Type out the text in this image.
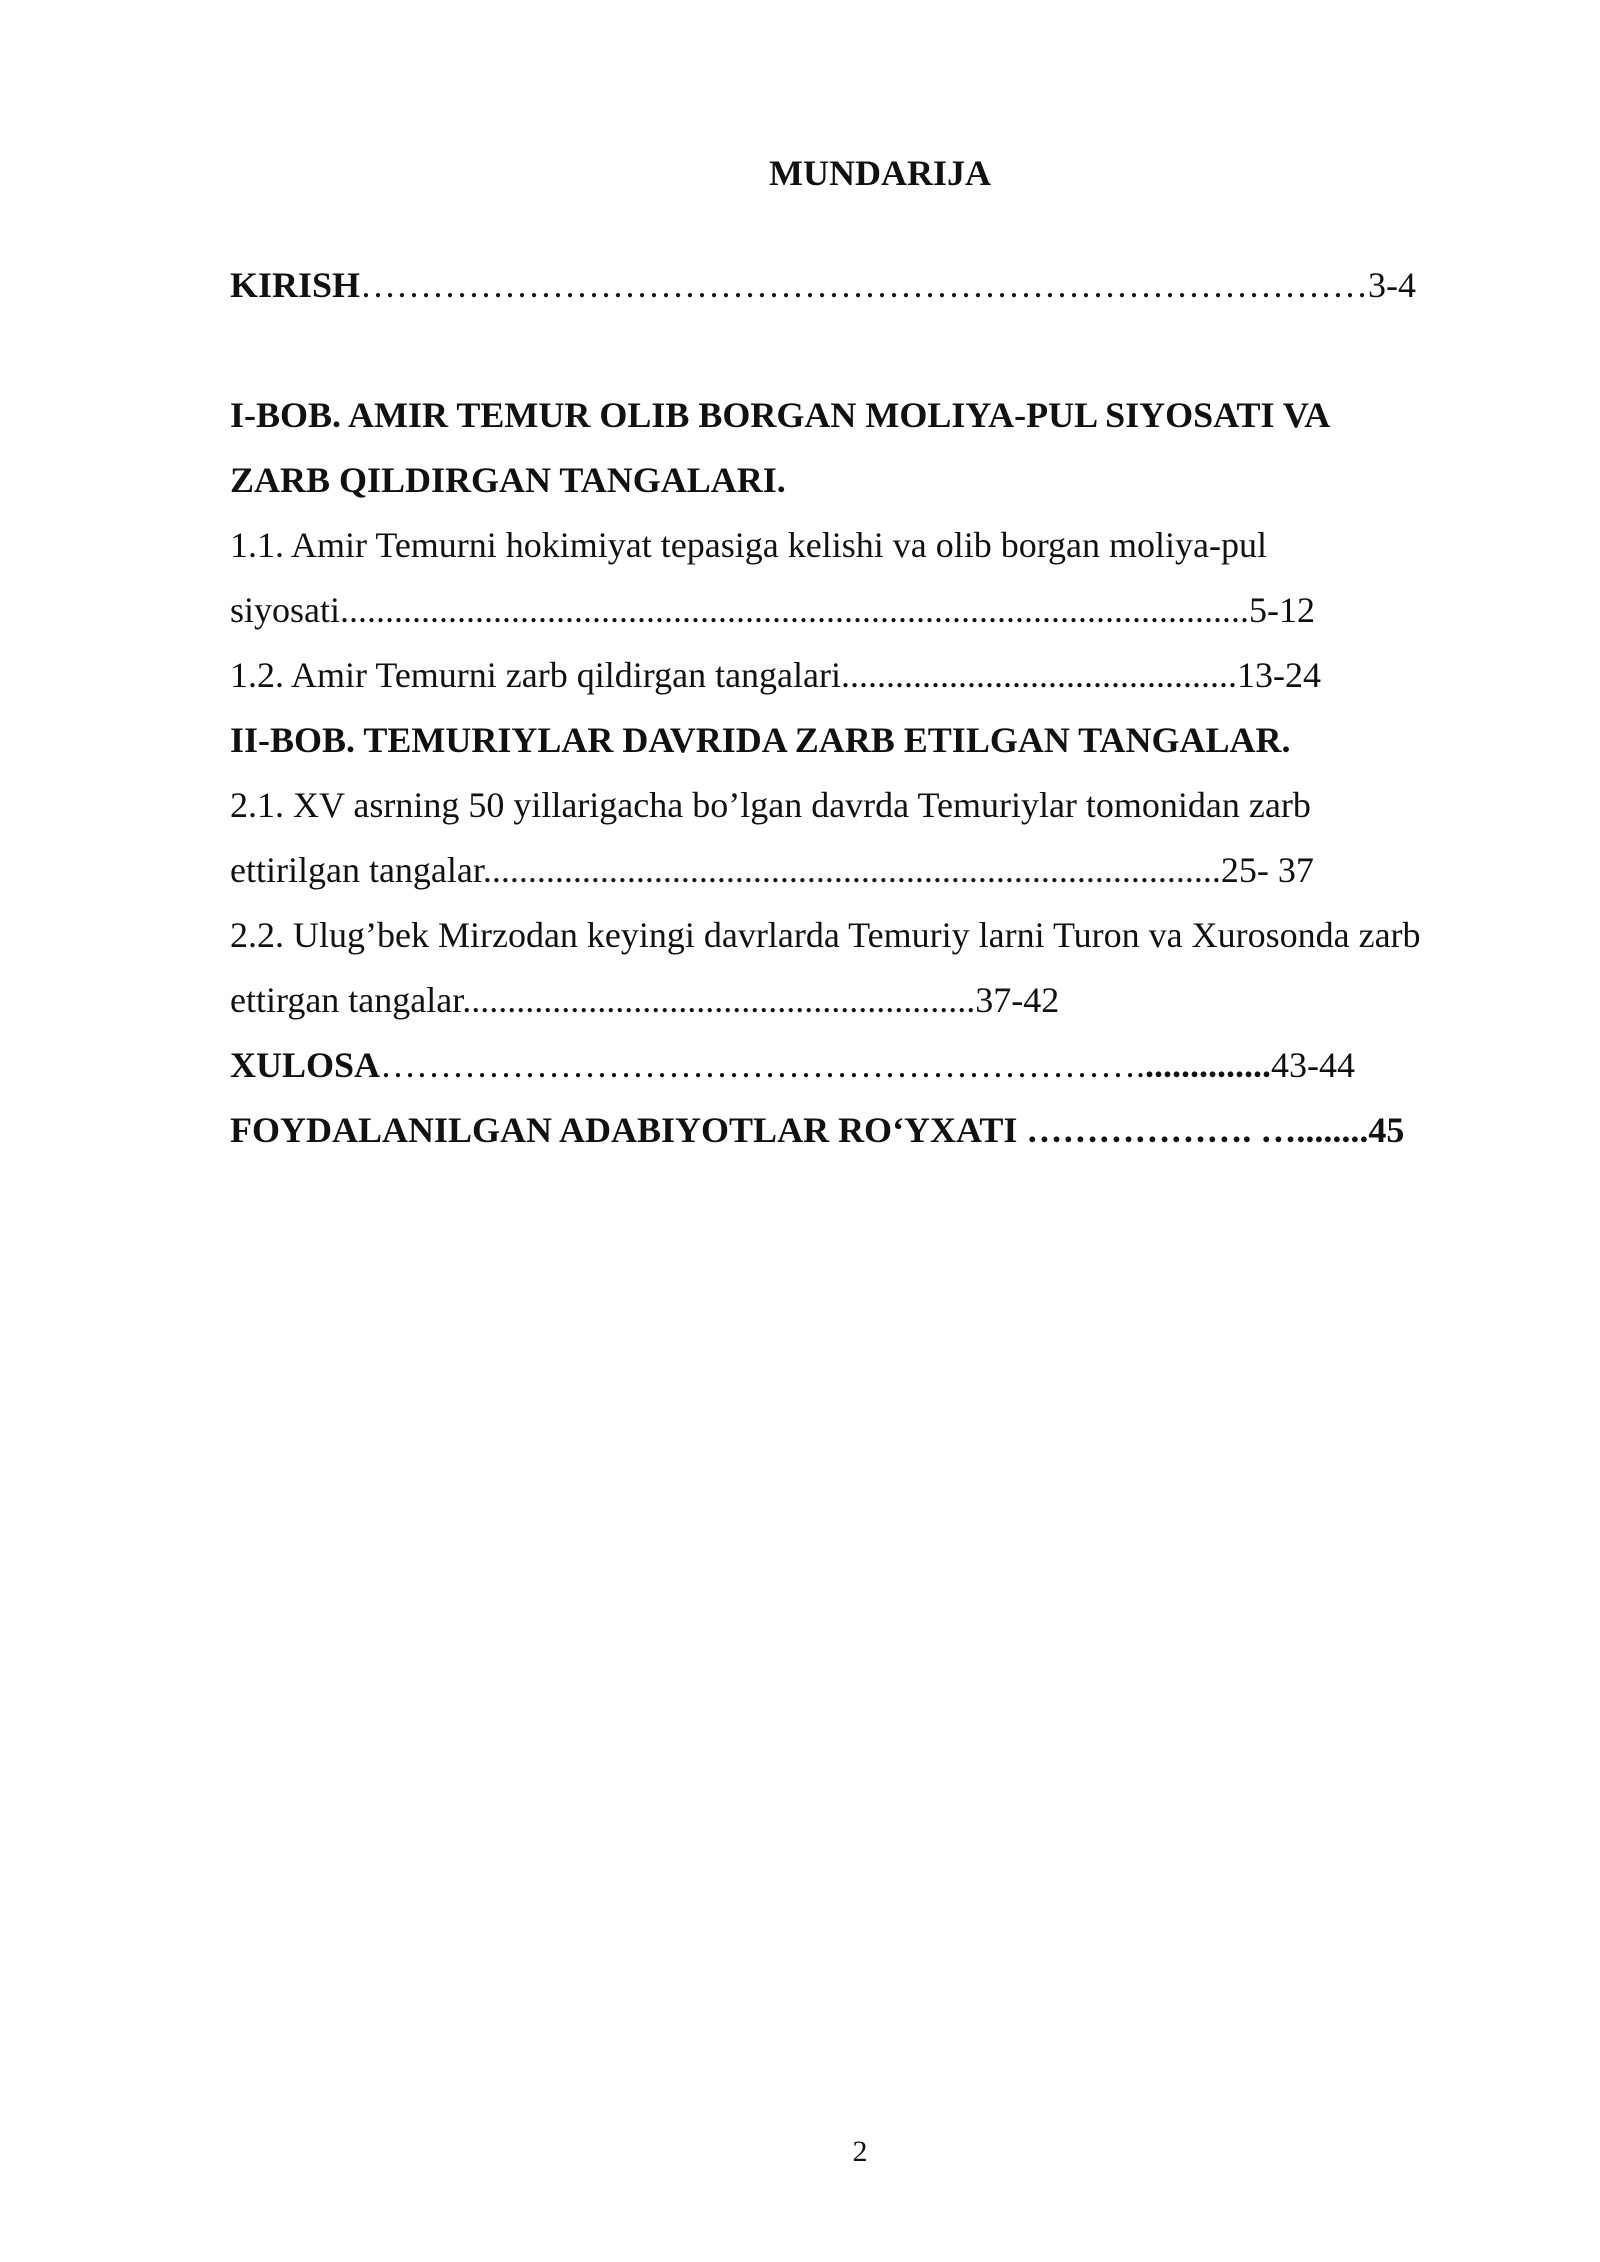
MUNDARIJA
KIRISH…………………………………………………………………………3-4
I-BOB. AMIR TEMUR OLIB BORGAN MOLIYA-PUL SIYOSATI VA
ZARB QILDIRGAN TANGALARI.
1.1. Amir Temurni hokimiyat tepasiga kelishi va olib borgan moliya-pul
siyosati.....................................................................................................5-12
1.2. Amir Temurni zarb qildirgan tangalari............................................13-24
II-BOB. TEMURIYLAR DAVRIDA ZARB ETILGAN TANGALAR.
2.1. XV asrning 50 yillarigacha bo’lgan davrda Temuriylar tomonidan zarb
ettirilgan tangalar..................................................................................25- 37
2.2. Ulug’bek Mirzodan keyingi davrlarda Temuriy larni Turon va Xurosonda zarb
ettirgan tangalar.........................................................37-42
XULOSA………………………………………………………...............43-44
FOYDALANILGAN ADABIYOTLAR RO‘YXATI ………………. …........45
2
